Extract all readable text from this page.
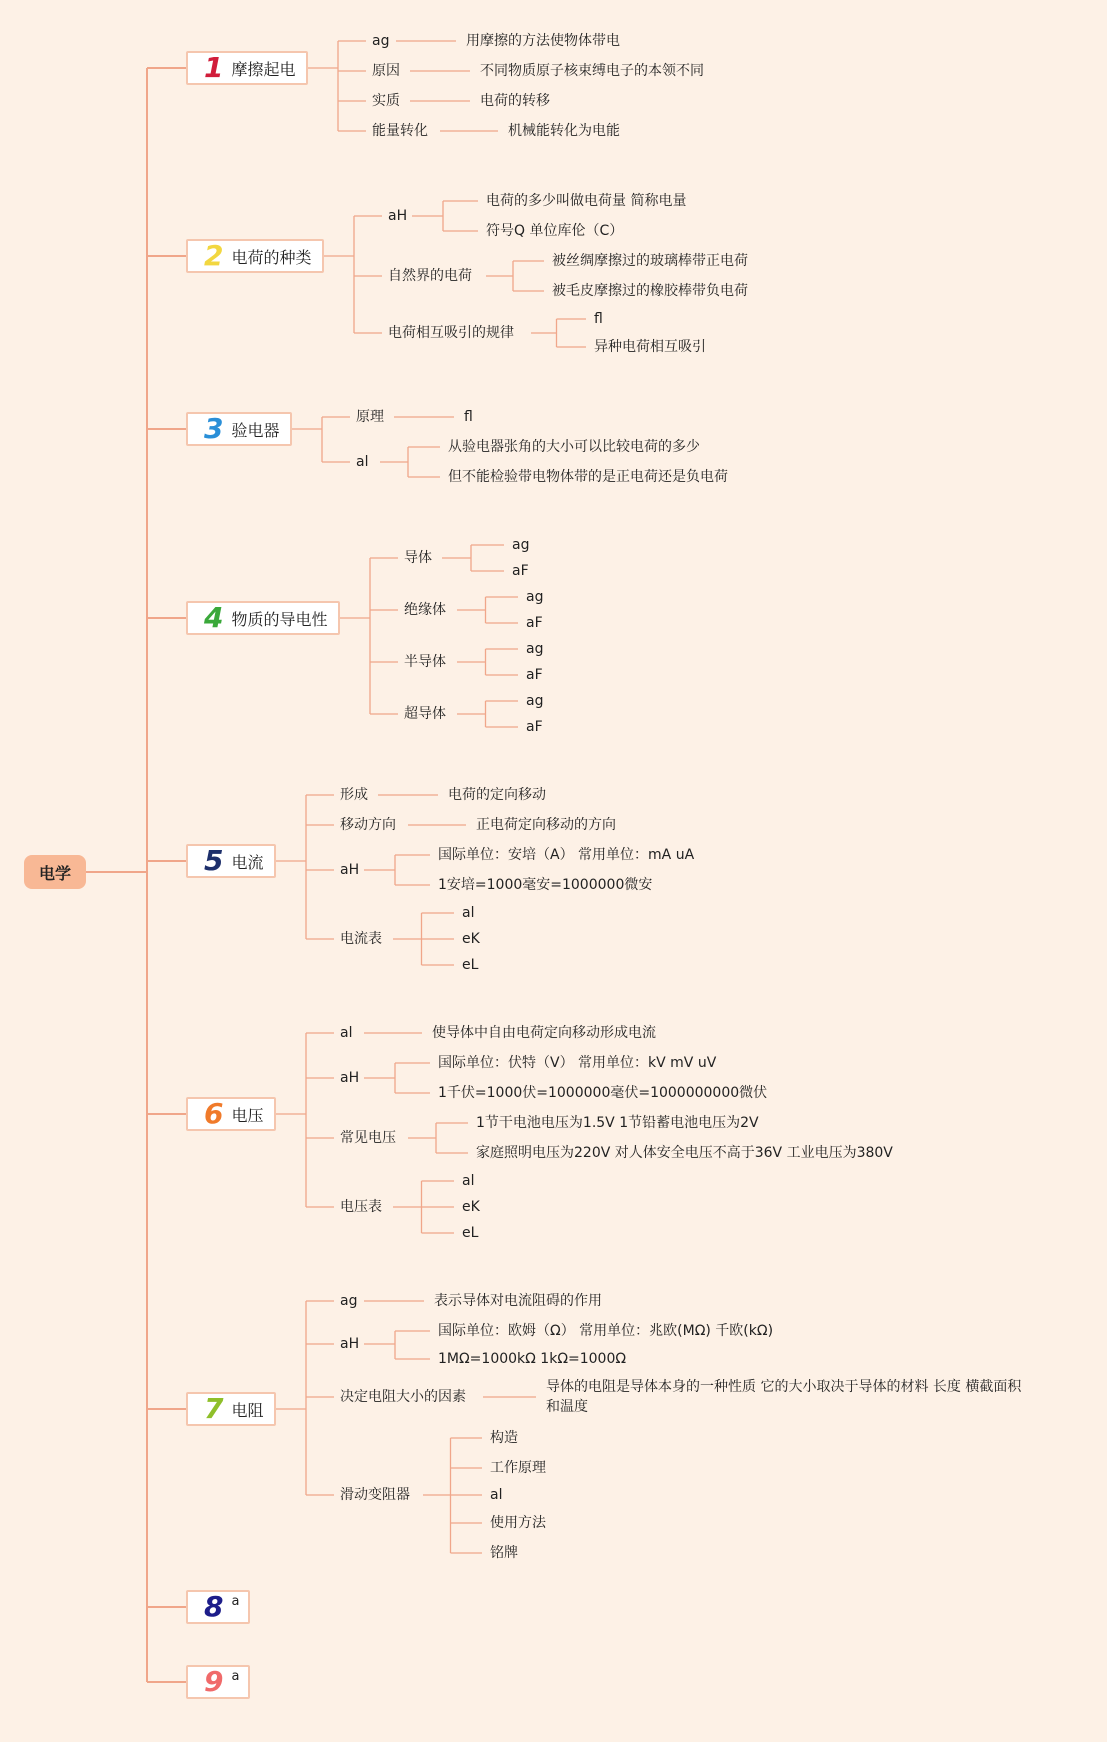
电学
1 摩擦起电
ag	用摩擦的方法使物体带电
原因	不同物质原子核束缚电子的本领不同
实质	电荷的转移
能量转化	机械能转化为电能
2 电荷的种类
aH
电荷的多少叫做电荷量 简称电量
符号Q 单位库伦（C）
自然界的电荷
被丝绸摩擦过的玻璃棒带正电荷
被毛皮摩擦过的橡胶棒带负电荷
电荷相互吸引的规律
fl
异种电荷相互吸引
3 验电器
原理	fl
al
从验电器张角的大小可以比较电荷的多少
但不能检验带电物体带的是正电荷还是负电荷
4 物质的导电性
导体
ag
aF
绝缘体
ag
aF
半导体
ag
aF
超导体
ag
aF
5 电流
形成	电荷的定向移动
移动方向	正电荷定向移动的方向
aH
国际单位：安培（A） 常用单位：mA uA
1安培=1000毫安=1000000微安
电流表
al
eK
eL
6 电压
al	使导体中自由电荷定向移动形成电流
aH
国际单位：伏特（V） 常用单位：kV mV uV
1千伏=1000伏=1000000毫伏=1000000000微伏
常见电压
1节干电池电压为1.5V 1节铅蓄电池电压为2V
家庭照明电压为220V 对人体安全电压不高于36V 工业电压为380V
电压表
al
eK
eL
7 电阻
ag	表示导体对电流阻碍的作用
aH
国际单位：欧姆（Ω） 常用单位：兆欧(MΩ) 千欧(kΩ)
1MΩ=1000kΩ 1kΩ=1000Ω
决定电阻大小的因素
导体的电阻是导体本身的一种性质 它的大小取决于导体的材料 长度 横截面积和温度
滑动变阻器
构造
工作原理
al
使用方法
铭牌
8 a
9 a
